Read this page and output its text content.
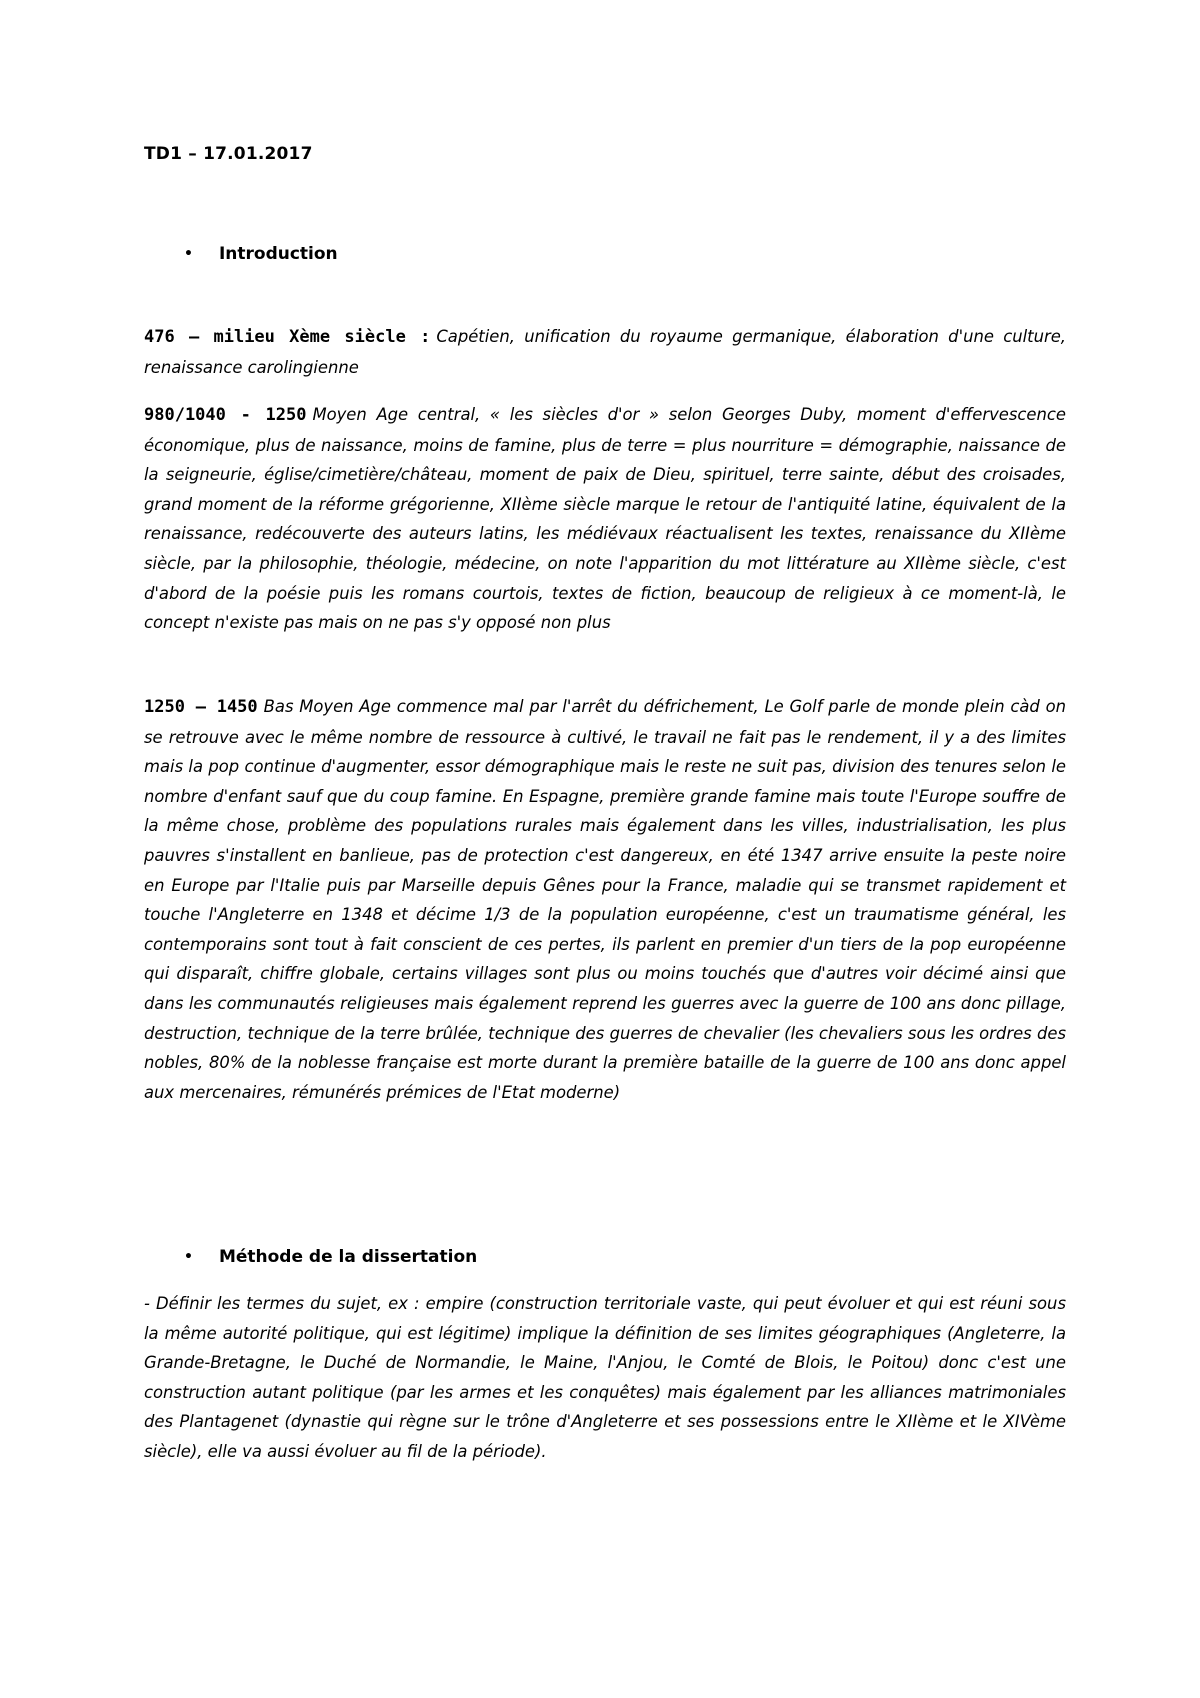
TD1 – 17.01.2017
• Introduction

476 – milieu Xème siècle : Capétien, unification du royaume germanique, élaboration d'une culture, renaissance carolingienne

980/1040 - 1250 Moyen Age central, « les siècles d'or » selon Georges Duby, moment d'effervescence économique, plus de naissance, moins de famine, plus de terre = plus nourriture = démographie, naissance de la seigneurie, église/cimetière/château, moment de paix de Dieu, spirituel, terre sainte, début des croisades, grand moment de la réforme grégorienne, XIIème siècle marque le retour de l'antiquité latine, équivalent de la renaissance, redécouverte des auteurs latins, les médiévaux réactualisent les textes, renaissance du XIIème siècle, par la philosophie, théologie, médecine, on note l'apparition du mot littérature au XIIème siècle, c'est d'abord de la poésie puis les romans courtois, textes de fiction, beaucoup de religieux à ce moment-là, le concept n'existe pas mais on ne pas s'y opposé non plus

1250 – 1450 Bas Moyen Age commence mal par l'arrêt du défrichement, Le Golf parle de monde plein càd on se retrouve avec le même nombre de ressource à cultivé, le travail ne fait pas le rendement, il y a des limites mais la pop continue d'augmenter, essor démographique mais le reste ne suit pas, division des tenures selon le nombre d'enfant sauf que du coup famine. En Espagne, première grande famine mais toute l'Europe souffre de la même chose, problème des populations rurales mais également dans les villes, industrialisation, les plus pauvres s'installent en banlieue, pas de protection c'est dangereux, en été 1347 arrive ensuite la peste noire en Europe par l'Italie puis par Marseille depuis Gênes pour la France, maladie qui se transmet rapidement et touche l'Angleterre en 1348 et décime 1/3 de la population européenne, c'est un traumatisme général, les contemporains sont tout à fait conscient de ces pertes, ils parlent en premier d'un tiers de la pop européenne qui disparaît, chiffre globale, certains villages sont plus ou moins touchés que d'autres voir décimé ainsi que dans les communautés religieuses mais également reprend les guerres avec la guerre de 100 ans donc pillage, destruction, technique de la terre brûlée, technique des guerres de chevalier (les chevaliers sous les ordres des nobles, 80% de la noblesse française est morte durant la première bataille de la guerre de 100 ans donc appel aux mercenaires, rémunérés prémices de l'Etat moderne)

• Méthode de la dissertation

- Définir les termes du sujet, ex : empire (construction territoriale vaste, qui peut évoluer et qui est réuni sous la même autorité politique, qui est légitime) implique la définition de ses limites géographiques (Angleterre, la Grande-Bretagne, le Duché de Normandie, le Maine, l'Anjou, le Comté de Blois, le Poitou) donc c'est une construction autant politique (par les armes et les conquêtes) mais également par les alliances matrimoniales des Plantagenet (dynastie qui règne sur le trône d'Angleterre et ses possessions entre le XIIème et le XIVème siècle), elle va aussi évoluer au fil de la période).
